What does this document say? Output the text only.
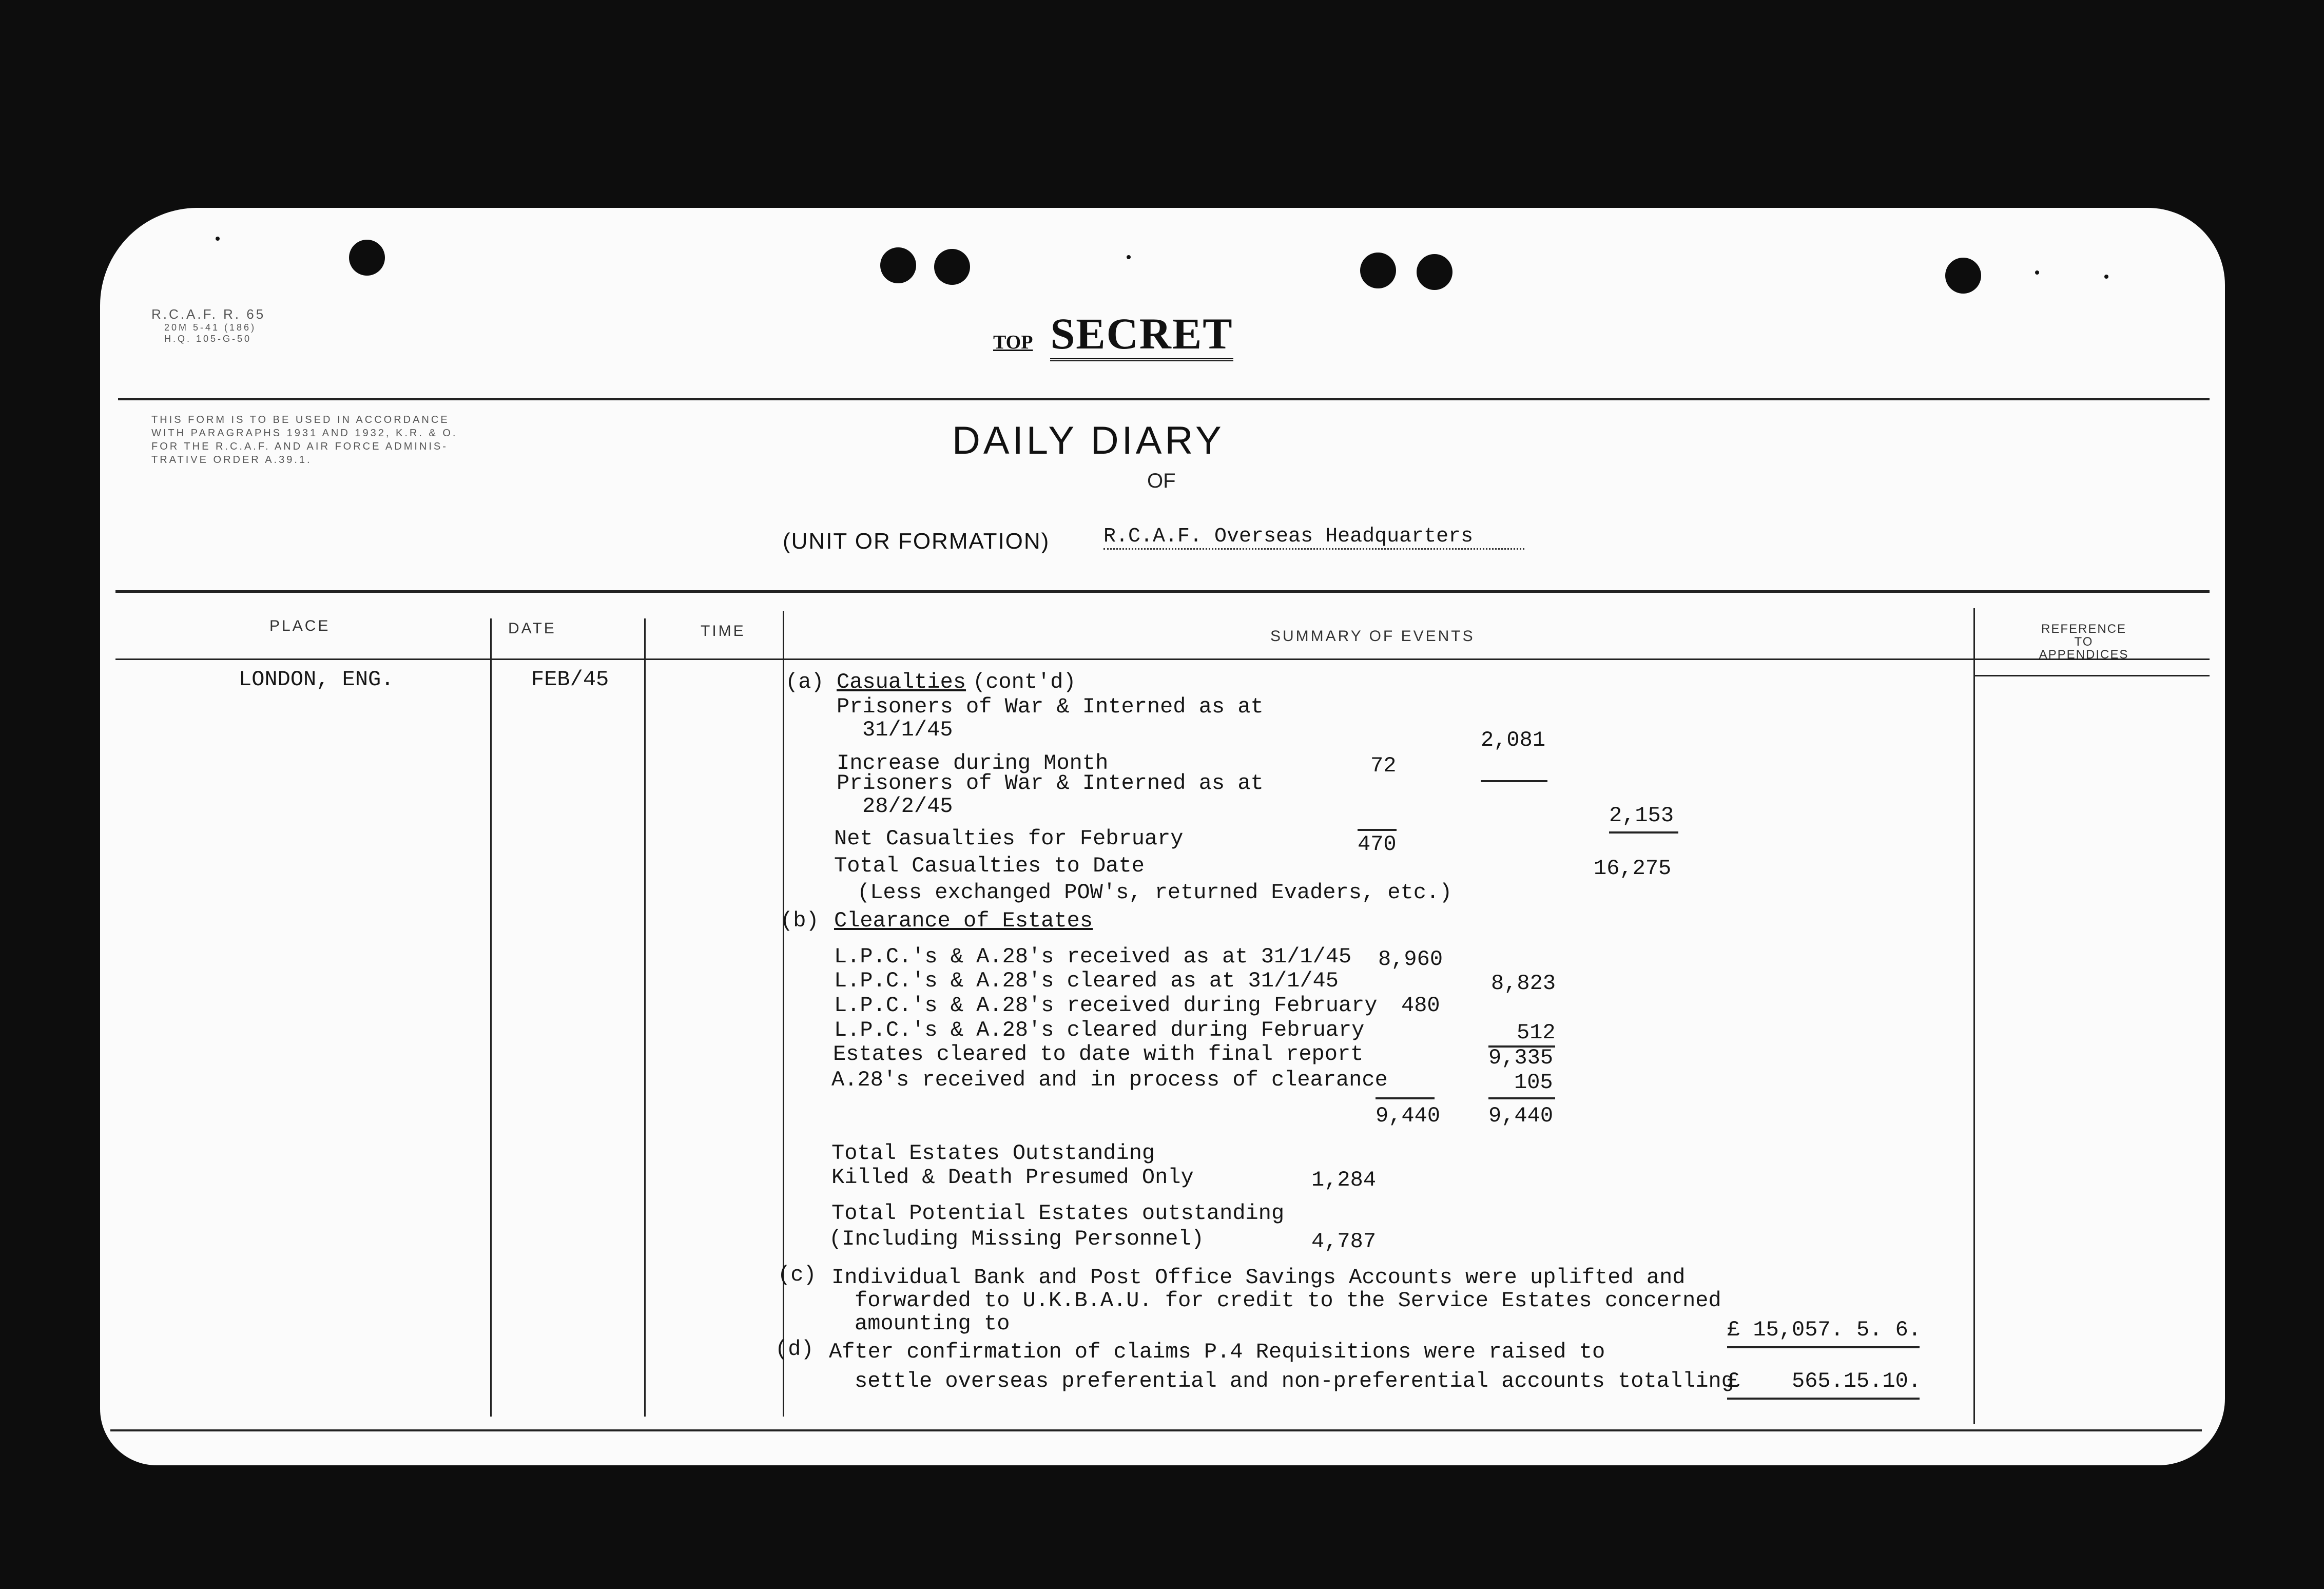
R.C.A.F. R. 65
20M 5-41 (186)
H.Q. 105-G-50	TOP SECRET
THIS FORM IS TO BE USED IN ACCORDANCE
WITH PARAGRAPHS 1931 AND 1932, K.R. & O.
FOR THE R.C.A.F. AND AIR FORCE ADMINIS-
TRATIVE ORDER A.39.1.	DAILY DIARY
OF
(UNIT OR FORMATION)	R.C.A.F. Overseas Headquarters
PLACE	DATE	TIME	SUMMARY OF EVENTS	REFERENCE
TO
APPENDICES
LONDON, ENG.	FEB/45	(a) Casualties (cont'd)
Prisoners of War & Interned as at
31/1/45	2,081
Increase during Month	72
Prisoners of War & Interned as at
28/2/45	2,153
Net Casualties for February	470
Total Casualties to Date	16,275
(Less exchanged POW's, returned Evaders, etc.)
(b) Clearance of Estates
L.P.C.'s & A.28's received as at 31/1/45 8,960
L.P.C.'s & A.28's cleared as at 31/1/45	8,823
L.P.C.'s & A.28's received during February 480
L.P.C.'s & A.28's cleared during February	512
Estates cleared to date with final report	9,335
A.28's received and in process of clearance	105
9,440 9,440
Total Estates Outstanding
Killed & Death Presumed Only	1,284
Total Potential Estates outstanding
(Including Missing Personnel)	4,787
(c) Individual Bank and Post Office Savings Accounts were uplifted and
forwarded to U.K.B.A.U. for credit to the Service Estates concerned
amounting to	£ 15,057. 5. 6.
(d) After confirmation of claims P.4 Requisitions were raised to
settle overseas preferential and non-preferential accounts totalling
£    565.15.10.
